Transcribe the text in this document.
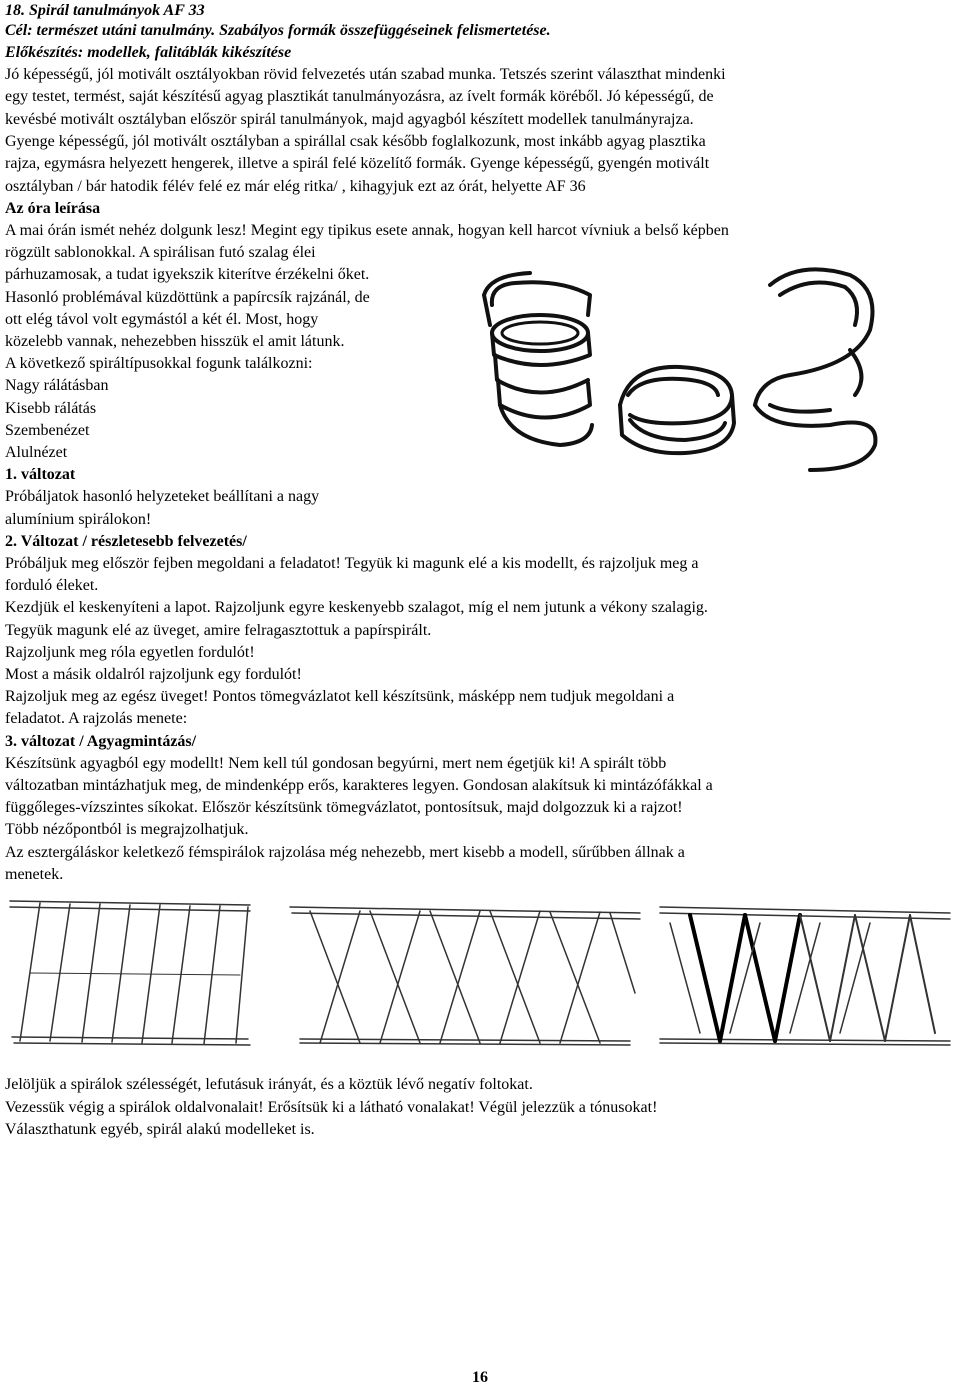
18. Spirál tanulmányok AF 33
Cél: természet utáni tanulmány. Szabályos formák összefüggéseinek felismertetése.
Előkészítés: modellek, falitáblák kikészítése
Jó képességű, jól motivált osztályokban rövid felvezetés után szabad munka. Tetszés szerint választhat mindenki
egy testet, termést, saját készítésű agyag plasztikát tanulmányozásra, az ívelt formák köréből. Jó képességű, de
kevésbé motivált osztályban először spirál tanulmányok, majd agyagból készített modellek tanulmányrajza.
Gyenge képességű, jól motivált osztályban a spirállal csak később foglalkozunk, most inkább agyag plasztika
rajza, egymásra helyezett hengerek, illetve a spirál felé közelítő formák. Gyenge képességű, gyengén motivált
osztályban / bár hatodik félév felé ez már elég ritka/ , kihagyjuk ezt az órát, helyette AF 36
Az óra leírása
A mai órán ismét nehéz dolgunk lesz! Megint egy tipikus esete annak, hogyan kell harcot vívniuk a belső képben
rögzült sablonokkal. A spirálisan futó szalag élei
párhuzamosak, a tudat igyekszik kiterítve érzékelni őket.
Hasonló problémával küzdöttünk a papírcsík rajzánál, de
ott elég távol volt egymástól a két él. Most, hogy
közelebb vannak, nehezebben hisszük el amit látunk.
A következő spiráltípusokkal fogunk találkozni:
Nagy rálátásban
Kisebb rálátás
Szembenézet
Alulnézet
1. változat
Próbáljatok hasonló helyzeteket beállítani a nagy
alumínium spirálokon!
2. Változat / részletesebb felvezetés/
Próbáljuk meg először fejben megoldani a feladatot! Tegyük ki magunk elé a kis modellt, és rajzoljuk meg a
forduló éleket.
Kezdjük el keskenyíteni a lapot. Rajzoljunk egyre keskenyebb szalagot, míg el nem jutunk a vékony szalagig.
Tegyük magunk elé az üveget, amire felragasztottuk a papírspirált.
Rajzoljunk meg róla egyetlen fordulót!
Most a másik oldalról rajzoljunk egy fordulót!
Rajzoljuk meg az egész üveget! Pontos tömegvázlatot kell készítsünk, másképp nem tudjuk megoldani a
feladatot. A rajzolás menete:
3. változat / Agyagmintázás/
Készítsünk agyagból egy modellt! Nem kell túl gondosan begyúrni, mert nem égetjük ki! A spirált több
változatban mintázhatjuk meg, de mindenképp erős, karakteres legyen. Gondosan alakítsuk ki mintázófákkal a
függőleges-vízszintes síkokat. Először készítsünk tömegvázlatot, pontosítsuk, majd dolgozzuk ki a rajzot!
Több nézőpontból is megrajzolhatjuk.
Az esztergáláskor keletkező fémspirálok rajzolása még nehezebb, mert kisebb a modell, sűrűbben állnak a
menetek.
Jelöljük a spirálok szélességét, lefutásuk irányát, és a köztük lévő negatív foltokat.
Vezessük végig a spirálok oldalvonalait! Erősítsük ki a látható vonalakat! Végül jelezzük a tónusokat!
Választhatunk egyéb, spirál alakú modelleket is.
16
